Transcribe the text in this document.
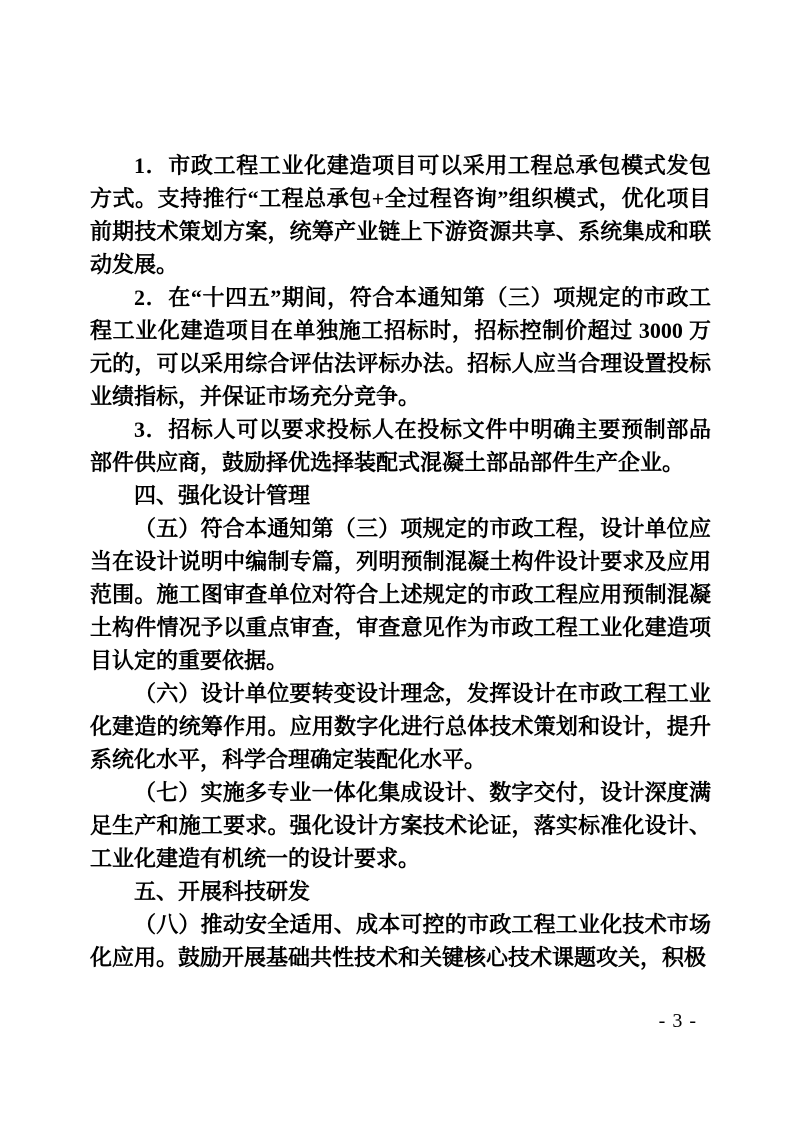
1．市政工程工业化建造项目可以采用工程总承包模式发包方式。支持推行“工程总承包+全过程咨询”组织模式，优化项目前期技术策划方案，统筹产业链上下游资源共享、系统集成和联动发展。

2．在“十四五”期间，符合本通知第（三）项规定的市政工程工业化建造项目在单独施工招标时，招标控制价超过 3000 万元的，可以采用综合评估法评标办法。招标人应当合理设置投标业绩指标，并保证市场充分竞争。

3．招标人可以要求投标人在投标文件中明确主要预制部品部件供应商，鼓励择优选择装配式混凝土部品部件生产企业。

四、强化设计管理

（五）符合本通知第（三）项规定的市政工程，设计单位应当在设计说明中编制专篇，列明预制混凝土构件设计要求及应用范围。施工图审查单位对符合上述规定的市政工程应用预制混凝土构件情况予以重点审查，审查意见作为市政工程工业化建造项目认定的重要依据。

（六）设计单位要转变设计理念，发挥设计在市政工程工业化建造的统筹作用。应用数字化进行总体技术策划和设计，提升系统化水平，科学合理确定装配化水平。

（七）实施多专业一体化集成设计、数字交付，设计深度满足生产和施工要求。强化设计方案技术论证，落实标准化设计、工业化建造有机统一的设计要求。

五、开展科技研发

（八）推动安全适用、成本可控的市政工程工业化技术市场化应用。鼓励开展基础共性技术和关键核心技术课题攻关，积极

- 3 -
